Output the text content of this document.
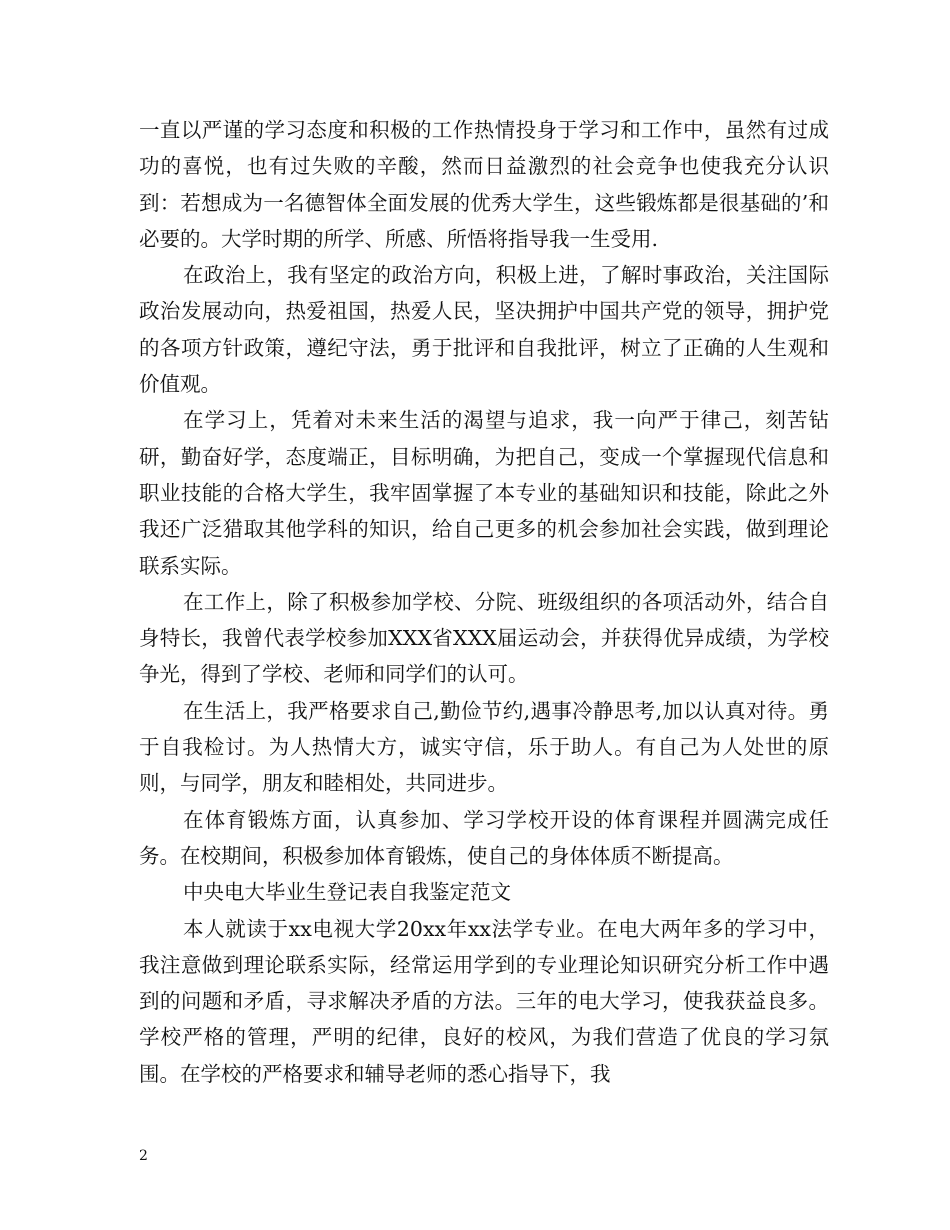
一直以严谨的学习态度和积极的工作热情投身于学习和工作中，虽然有过成功的喜悦，也有过失败的辛酸，然而日益激烈的社会竞争也使我充分认识到：若想成为一名德智体全面发展的优秀大学生，这些锻炼都是很基础的’和必要的。大学时期的所学、所感、所悟将指导我一生受用.

在政治上，我有坚定的政治方向，积极上进，了解时事政治，关注国际政治发展动向，热爱祖国，热爱人民，坚决拥护中国共产党的领导，拥护党的各项方针政策，遵纪守法，勇于批评和自我批评，树立了正确的人生观和价值观。

在学习上，凭着对未来生活的渴望与追求，我一向严于律己，刻苦钻研，勤奋好学，态度端正，目标明确，为把自己，变成一个掌握现代信息和职业技能的合格大学生，我牢固掌握了本专业的基础知识和技能，除此之外我还广泛猎取其他学科的知识，给自己更多的机会参加社会实践，做到理论联系实际。

在工作上，除了积极参加学校、分院、班级组织的各项活动外，结合自身特长，我曾代表学校参加XXX省XXX届运动会，并获得优异成绩，为学校争光，得到了学校、老师和同学们的认可。

在生活上，我严格要求自己,勤俭节约,遇事冷静思考,加以认真对待。勇于自我检讨。为人热情大方，诚实守信，乐于助人。有自己为人处世的原则，与同学，朋友和睦相处，共同进步。

在体育锻炼方面，认真参加、学习学校开设的体育课程并圆满完成任务。在校期间，积极参加体育锻炼，使自己的身体体质不断提高。

中央电大毕业生登记表自我鉴定范文

本人就读于xx电视大学20xx年xx法学专业。在电大两年多的学习中，我注意做到理论联系实际，经常运用学到的专业理论知识研究分析工作中遇到的问题和矛盾，寻求解决矛盾的方法。三年的电大学习，使我获益良多。学校严格的管理，严明的纪律，良好的校风，为我们营造了优良的学习氛围。在学校的严格要求和辅导老师的悉心指导下，我

2
